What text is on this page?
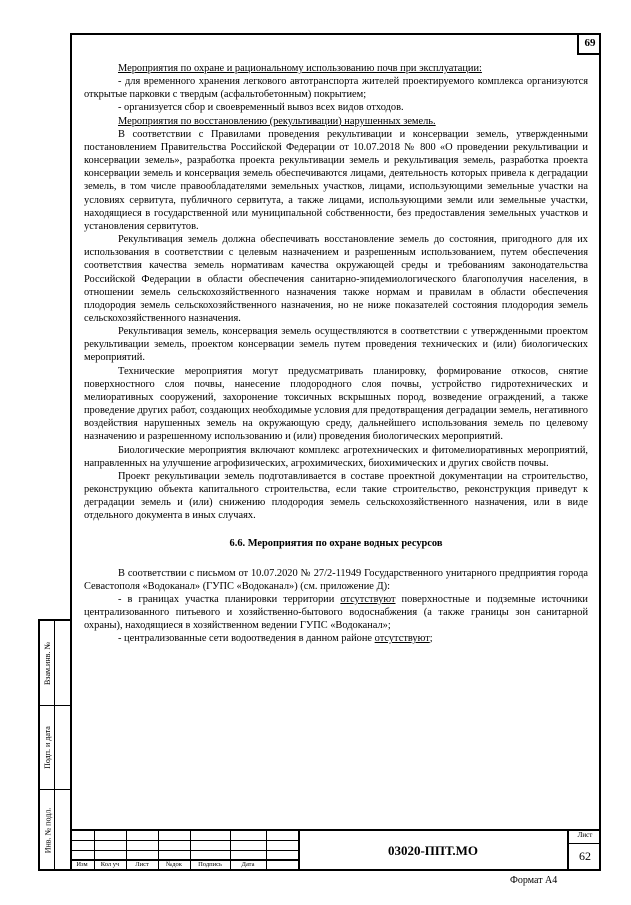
69
Взам.инв. №
Подп. и дата
Инв. № подл.

Мероприятия по охране и рациональному использованию почв при эксплуатации:

- для временного хранения легкового автотранспорта жителей проектируемого комплекса организуются открытые парковки с твердым (асфальтобетонным) покрытием;

- организуется сбор и своевременный вывоз всех видов отходов.

Мероприятия по восстановлению (рекультивации) нарушенных земель.

В соответствии с Правилами проведения рекультивации и консервации земель, утвержденными постановлением Правительства Российской Федерации от 10.07.2018 № 800 «О проведении рекультивации и консервации земель», разработка проекта рекультивации земель и рекультивация земель, разработка проекта консервации земель и консервация земель обеспечиваются лицами, деятельность которых привела к деградации земель, в том числе правообладателями земельных участков, лицами, использующими земельные участки на условиях сервитута, публичного сервитута, а также лицами, использующими земли или земельные участки, находящиеся в государственной или муниципальной собственности, без предоставления земельных участков и установления сервитутов.

Рекультивация земель должна обеспечивать восстановление земель до состояния, пригодного для их использования в соответствии с целевым назначением и разрешенным использованием, путем обеспечения соответствия качества земель нормативам качества окружающей среды и требованиям законодательства Российской Федерации в области обеспечения санитарно-эпидемиологического благополучия населения, в отношении земель сельскохозяйственного назначения также нормам и правилам в области обеспечения плодородия земель сельскохозяйственного назначения, но не ниже показателей состояния плодородия земель сельскохозяйственного назначения.

Рекультивация земель, консервация земель осуществляются в соответствии с утвержденными проектом рекультивации земель, проектом консервации земель путем проведения технических и (или) биологических мероприятий.

Технические мероприятия могут предусматривать планировку, формирование откосов, снятие поверхностного слоя почвы, нанесение плодородного слоя почвы, устройство гидротехнических и мелиоративных сооружений, захоронение токсичных вскрышных пород, возведение ограждений, а также проведение других работ, создающих необходимые условия для предотвращения деградации земель, негативного воздействия нарушенных земель на окружающую среду, дальнейшего использования земель по целевому назначению и разрешенному использованию и (или) проведения биологических мероприятий.

Биологические мероприятия включают комплекс агротехнических и фитомелиоративных мероприятий, направленных на улучшение агрофизических, агрохимических, биохимических и других свойств почвы.

Проект рекультивации земель подготавливается в составе проектной документации на строительство, реконструкцию объекта капитального строительства, если такие строительство, реконструкция приведут к деградации земель и (или) снижению плодородия земель сельскохозяйственного назначения, или в виде отдельного документа в иных случаях.

6.6. Мероприятия по охране водных ресурсов

В соответствии с письмом от 10.07.2020 № 27/2-11949 Государственного унитарного предприятия города Севастополя «Водоканал» (ГУПС «Водоканал») (см. приложение Д):

- в границах участка планировки территории отсутствуют поверхностные и подземные источники централизованного питьевого и хозяйственно-бытового водоснабжения (а также границы зон санитарной охраны), находящиеся в хозяйственном ведении ГУПС «Водоканал»;

- централизованные сети водоотведения в данном районе отсутствуют;

Изм	Кол уч	Лист	№док	Подпись	Дата
03020-ППТ.МО
Лист
62
Формат А4
